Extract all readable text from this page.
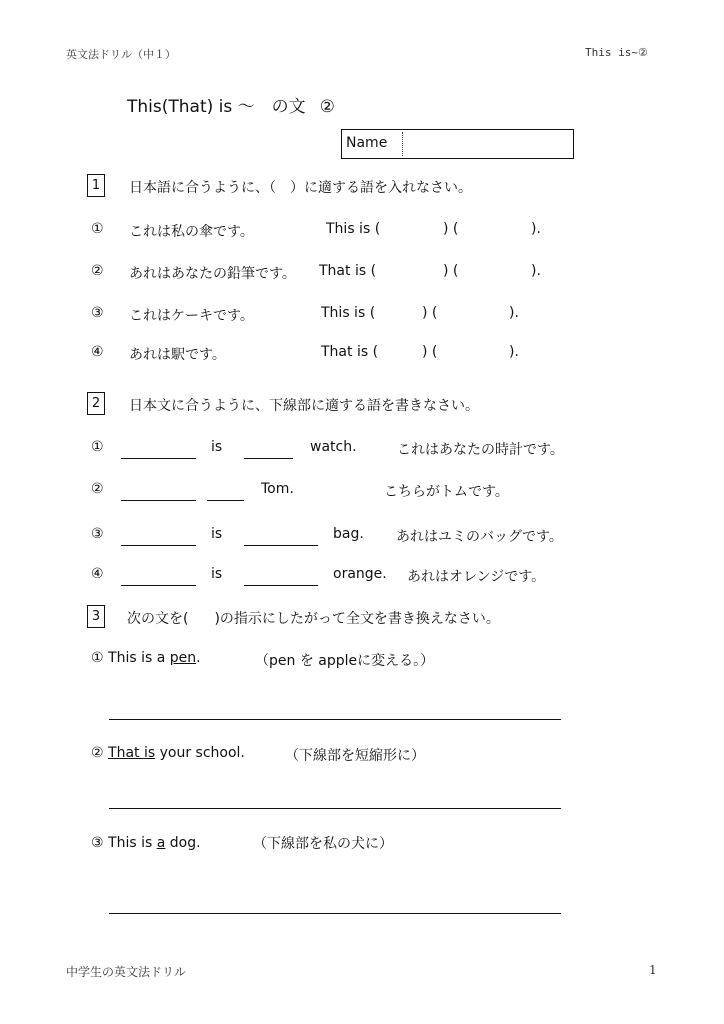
英文法ドリル（中１）	This is~②
This(That) is ～　の文 ②
Name
1	日本語に合うように、（　）に適する語を入れなさい。
① これは私の傘です。	This is (	) (	).
② あれはあなたの鉛筆です。 That is (	) (	).
③ これはケーキです。	This is (	) (	).
④ あれは駅です。	That is (	) (	).
2	日本文に合うように、下線部に適する語を書きなさい。
①	is	watch.	これはあなたの時計です。
②	Tom.	こちらがトムです。
③	is	bag. あれはユミのバッグです。
④	is	orange. あれはオレンジです。
3	次の文を( )の指示にしたがって全文を書き換えなさい。
① This is a pen.	（pen を appleに変える。）
② That is your school.	（下線部を短縮形に）
③ This is a dog.	（下線部を私の犬に）
中学生の英文法ドリル	1
